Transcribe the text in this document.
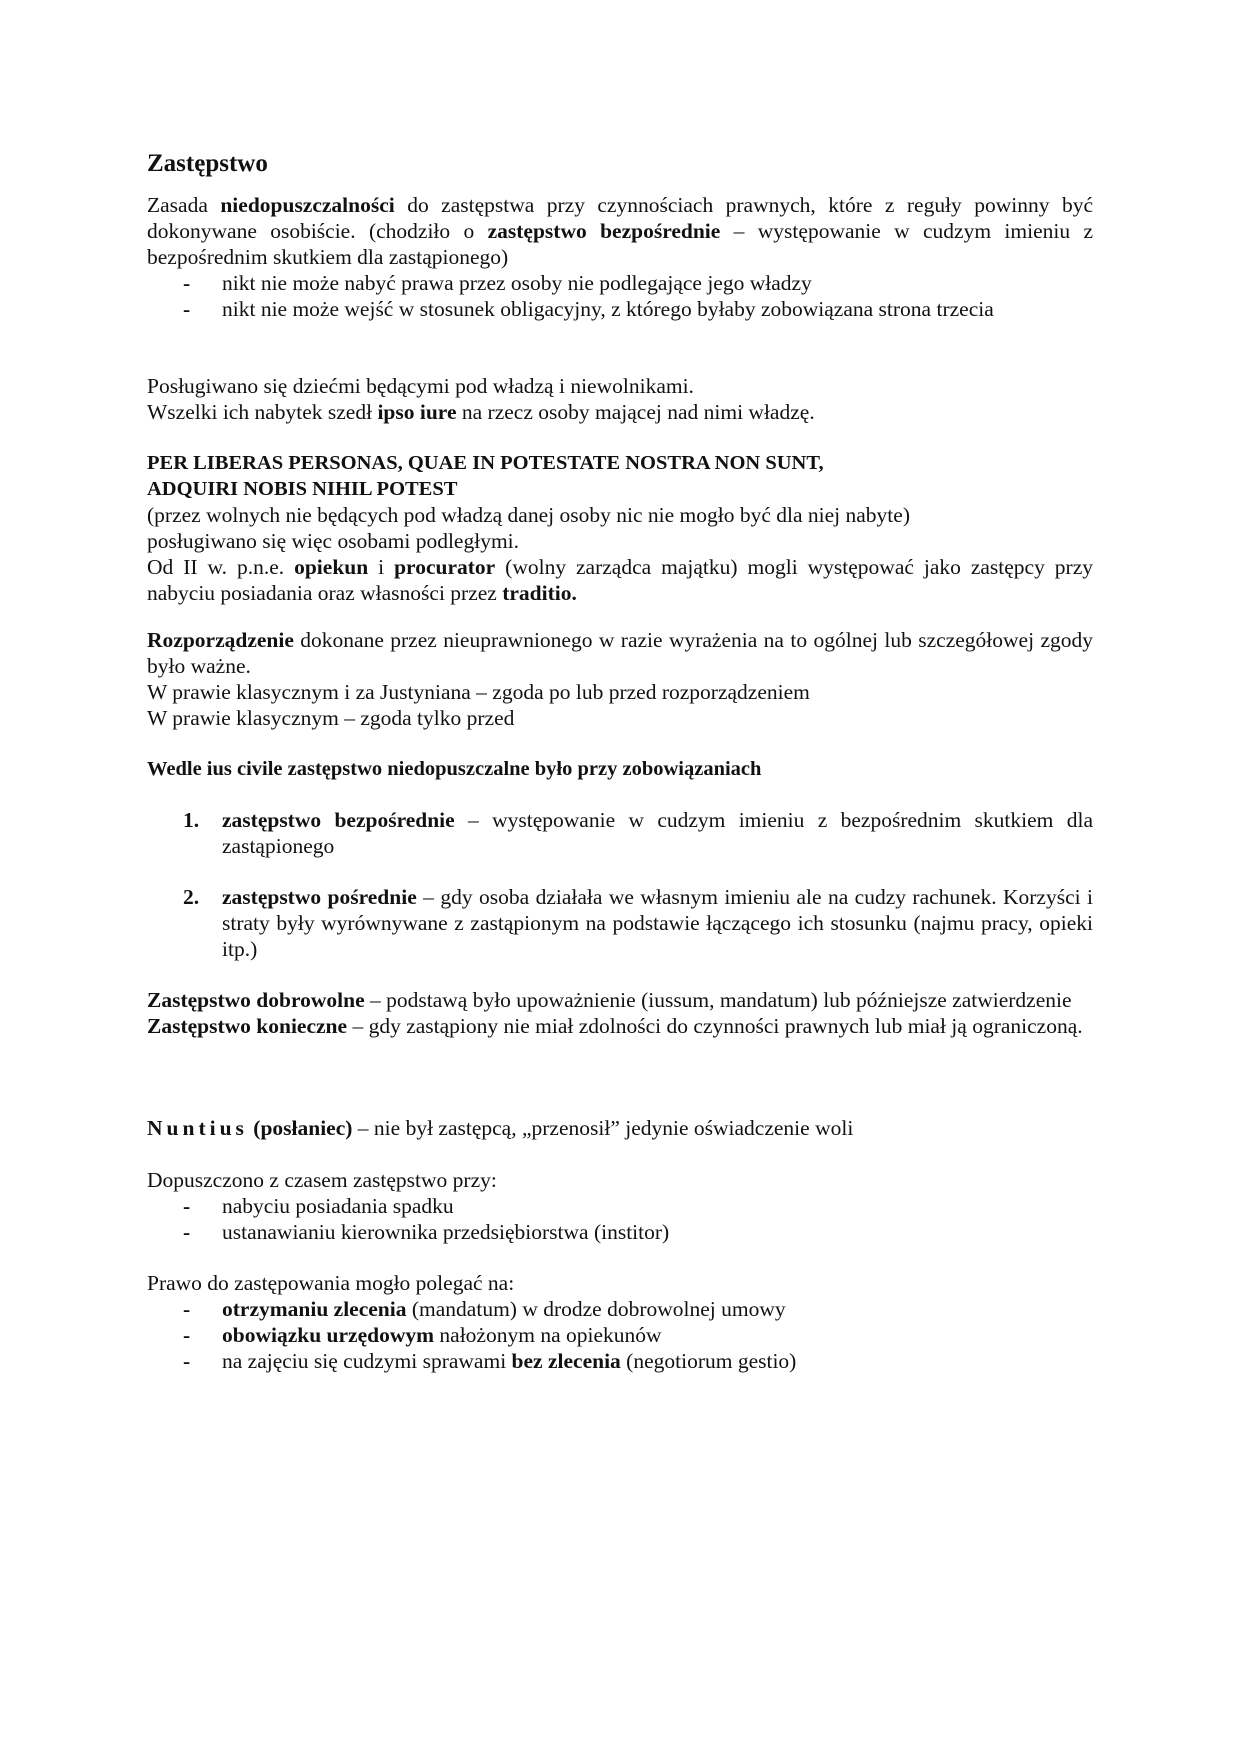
Zastępstwo
Zasada niedopuszczalności do zastępstwa przy czynnościach prawnych, które z reguły powinny być dokonywane osobiście. (chodziło o zastępstwo bezpośrednie – występowanie w cudzym imieniu z bezpośrednim skutkiem dla zastąpionego)
- nikt nie może nabyć prawa przez osoby nie podlegające jego władzy
- nikt nie może wejść w stosunek obligacyjny, z którego byłaby zobowiązana strona trzecia
Posługiwano się dziećmi będącymi pod władzą i niewolnikami.
Wszelki ich nabytek szedł ipso iure na rzecz osoby mającej nad nimi władzę.
PER LIBERAS PERSONAS, QUAE IN POTESTATE NOSTRA NON SUNT,
ADQUIRI NOBIS NIHIL POTEST
(przez wolnych nie będących pod władzą danej osoby nic nie mogło być dla niej nabyte)
posługiwano się więc osobami podległymi.
Od II w. p.n.e. opiekun i procurator (wolny zarządca majątku) mogli występować jako zastępcy przy nabyciu posiadania oraz własności przez traditio.
Rozporządzenie dokonane przez nieuprawnionego w razie wyrażenia na to ogólnej lub szczegółowej zgody było ważne.
W prawie klasycznym i za Justyniana – zgoda po lub przed rozporządzeniem
W prawie klasycznym – zgoda tylko przed
Wedle ius civile zastępstwo niedopuszczalne było przy zobowiązaniach
1. zastępstwo bezpośrednie – występowanie w cudzym imieniu z bezpośrednim skutkiem dla zastąpionego
2. zastępstwo pośrednie – gdy osoba działała we własnym imieniu ale na cudzy rachunek. Korzyści i straty były wyrównywane z zastąpionym na podstawie łączącego ich stosunku (najmu pracy, opieki itp.)
Zastępstwo dobrowolne – podstawą było upoważnienie (iussum, mandatum) lub późniejsze zatwierdzenie
Zastępstwo konieczne – gdy zastąpiony nie miał zdolności do czynności prawnych lub miał ją ograniczoną.
Nuntius (posłaniec) – nie był zastępcą, „przenosił” jedynie oświadczenie woli
Dopuszczono z czasem zastępstwo przy:
- nabyciu posiadania spadku
- ustanawianiu kierownika przedsiębiorstwa (institor)
Prawo do zastępowania mogło polegać na:
- otrzymaniu zlecenia (mandatum) w drodze dobrowolnej umowy
- obowiązku urzędowym nałożonym na opiekunów
- na zajęciu się cudzymi sprawami bez zlecenia (negotiorum gestio)
